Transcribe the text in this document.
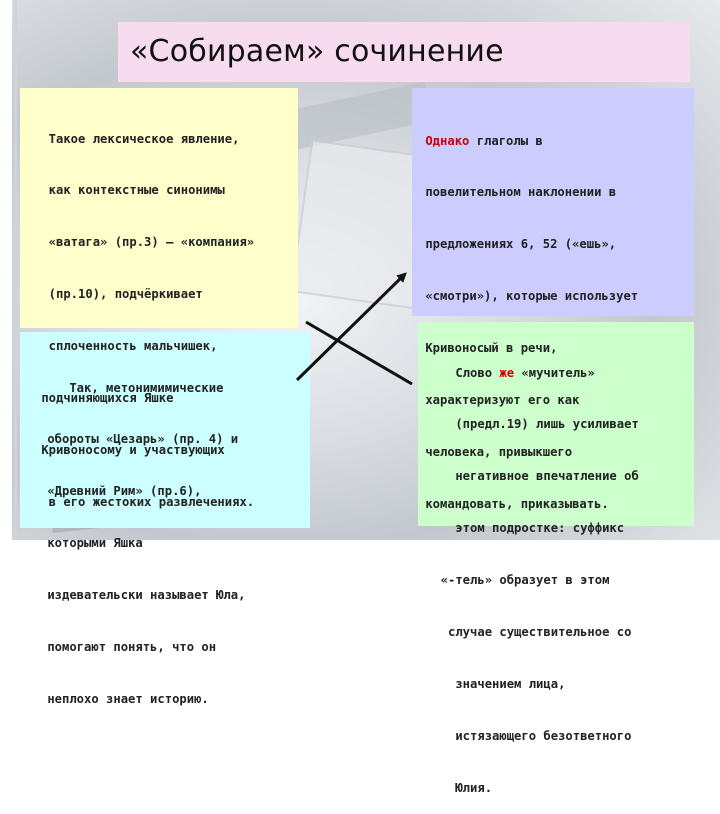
«Собираем» сочинение

Такое лексическое явление,

как контекстные синонимы

«ватага» (пр.3) – «компания»

(пр.10), подчёркивает

сплоченность мальчишек,

подчиняющихся Яшке

Кривоносому и участвующих

в его жестоких развлечениях.

Однако глаголы в

повелительном наклонении в

предложениях 6, 52 («ешь»,

«смотри»), которые использует

Кривоносый в речи,

характеризуют его как

человека, привыкшего

командовать, приказывать.

Так, метонимимические

обороты «Цезарь» (пр. 4) и

«Древний Рим» (пр.6),

которыми Яшка

издевательски называет Юла,

помогают понять, что он

неплохо знает историю.

Слово же «мучитель»

(предл.19) лишь усиливает

негативное впечатление об

этом подростке: суффикс

«-тель» образует в этом

случае существительное со

значением лица,

истязающего безответного

Юлия.
